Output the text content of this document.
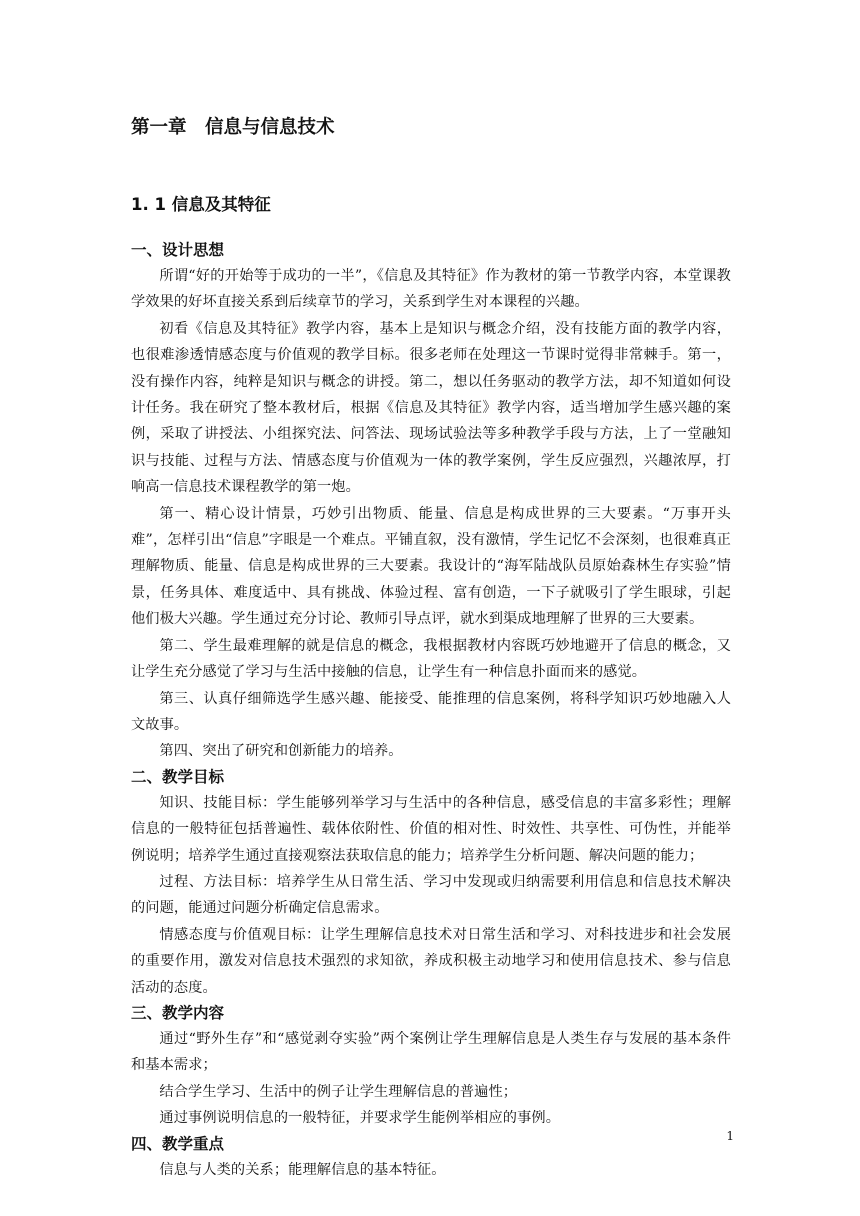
第一章　信息与信息技术
1. 1 信息及其特征
一、设计思想

所谓“好的开始等于成功的一半”，《信息及其特征》作为教材的第一节教学内容，本堂课教学效果的好坏直接关系到后续章节的学习，关系到学生对本课程的兴趣。

初看《信息及其特征》教学内容，基本上是知识与概念介绍，没有技能方面的教学内容，也很难渗透情感态度与价值观的教学目标。很多老师在处理这一节课时觉得非常棘手。第一，没有操作内容，纯粹是知识与概念的讲授。第二，想以任务驱动的教学方法，却不知道如何设计任务。我在研究了整本教材后，根据《信息及其特征》教学内容，适当增加学生感兴趣的案例，采取了讲授法、小组探究法、问答法、现场试验法等多种教学手段与方法，上了一堂融知识与技能、过程与方法、情感态度与价值观为一体的教学案例，学生反应强烈，兴趣浓厚，打响高一信息技术课程教学的第一炮。

第一、精心设计情景，巧妙引出物质、能量、信息是构成世界的三大要素。“万事开头难”，怎样引出“信息”字眼是一个难点。平铺直叙，没有激情，学生记忆不会深刻，也很难真正理解物质、能量、信息是构成世界的三大要素。我设计的“海军陆战队员原始森林生存实验”情景，任务具体、难度适中、具有挑战、体验过程、富有创造，一下子就吸引了学生眼球，引起他们极大兴趣。学生通过充分讨论、教师引导点评，就水到渠成地理解了世界的三大要素。

第二、学生最难理解的就是信息的概念，我根据教材内容既巧妙地避开了信息的概念，又让学生充分感觉了学习与生活中接触的信息，让学生有一种信息扑面而来的感觉。

第三、认真仔细筛选学生感兴趣、能接受、能推理的信息案例，将科学知识巧妙地融入人文故事。

第四、突出了研究和创新能力的培养。

二、教学目标

知识、技能目标：学生能够列举学习与生活中的各种信息，感受信息的丰富多彩性；理解信息的一般特征包括普遍性、载体依附性、价值的相对性、时效性、共享性、可伪性，并能举例说明；培养学生通过直接观察法获取信息的能力；培养学生分析问题、解决问题的能力；

过程、方法目标：培养学生从日常生活、学习中发现或归纳需要利用信息和信息技术解决的问题，能通过问题分析确定信息需求。

情感态度与价值观目标：让学生理解信息技术对日常生活和学习、对科技进步和社会发展的重要作用，激发对信息技术强烈的求知欲，养成积极主动地学习和使用信息技术、参与信息活动的态度。

三、教学内容

通过“野外生存”和“感觉剥夺实验”两个案例让学生理解信息是人类生存与发展的基本条件和基本需求；

结合学生学习、生活中的例子让学生理解信息的普遍性；

通过事例说明信息的一般特征，并要求学生能例举相应的事例。

四、教学重点

信息与人类的关系；能理解信息的基本特征。

1
